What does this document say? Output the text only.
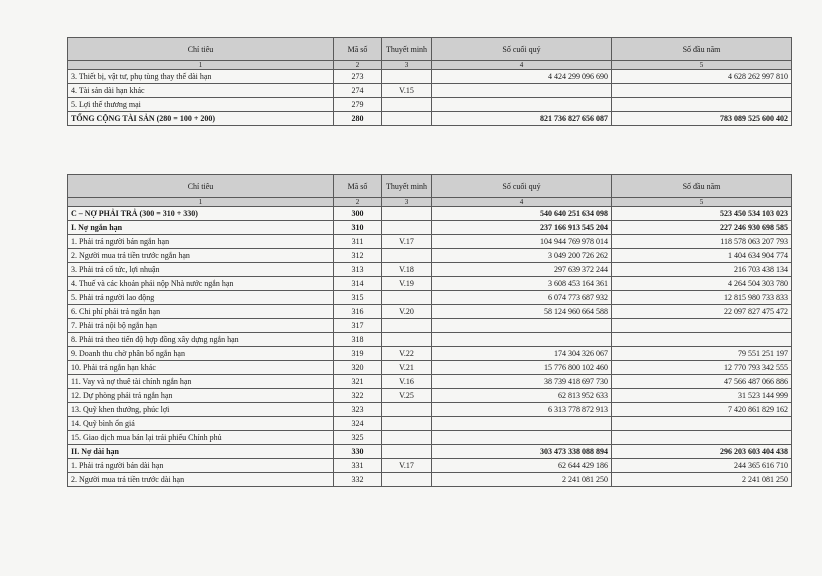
Chỉ tiêu	Mã số	Thuyết minh	Số cuối quý	Số đầu năm
1	2	3	4	5
3. Thiết bị, vật tư, phụ tùng thay thế dài hạn	273		4 424 299 096 690	4 628 262 997 810
4. Tài sản dài hạn khác	274	V.15		
5. Lợi thế thương mại	279			
TỔNG CỘNG TÀI SẢN (280 = 100 + 200)	280		821 736 827 656 087	783 089 525 600 402
Chỉ tiêu	Mã số	Thuyết minh	Số cuối quý	Số đầu năm
1	2	3	4	5
C – NỢ PHẢI TRẢ (300 = 310 + 330)	300		540 640 251 634 098	523 450 534 103 023
I. Nợ ngắn hạn	310		237 166 913 545 204	227 246 930 698 585
1. Phải trả người bán ngắn hạn	311	V.17	104 944 769 978 014	118 578 063 207 793
2. Người mua trả tiền trước ngắn hạn	312		3 049 200 726 262	1 404 634 904 774
3. Phải trả cổ tức, lợi nhuận	313	V.18	297 639 372 244	216 703 438 134
4. Thuế và các khoản phải nộp Nhà nước ngắn hạn	314	V.19	3 608 453 164 361	4 264 504 303 780
5. Phải trả người lao động	315		6 074 773 687 932	12 815 980 733 833
6. Chi phí phải trả ngắn hạn	316	V.20	58 124 960 664 588	22 097 827 475 472
7. Phải trả nội bộ ngắn hạn	317			
8. Phải trả theo tiến độ hợp đồng xây dựng ngắn hạn	318			
9. Doanh thu chờ phân bổ ngắn hạn	319	V.22	174 304 326 067	79 551 251 197
10. Phải trả ngắn hạn khác	320	V.21	15 776 800 102 460	12 770 793 342 555
11. Vay và nợ thuê tài chính ngắn hạn	321	V.16	38 739 418 697 730	47 566 487 066 886
12. Dự phòng phải trả ngắn hạn	322	V.25	62 813 952 633	31 523 144 999
13. Quỹ khen thưởng, phúc lợi	323		6 313 778 872 913	7 420 861 829 162
14. Quỹ bình ổn giá	324			
15. Giao dịch mua bán lại trái phiếu Chính phủ	325			
II. Nợ dài hạn	330		303 473 338 088 894	296 203 603 404 438
1. Phải trả người bán dài hạn	331	V.17	62 644 429 186	244 365 616 710
2. Người mua trả tiền trước dài hạn	332		2 241 081 250	2 241 081 250
